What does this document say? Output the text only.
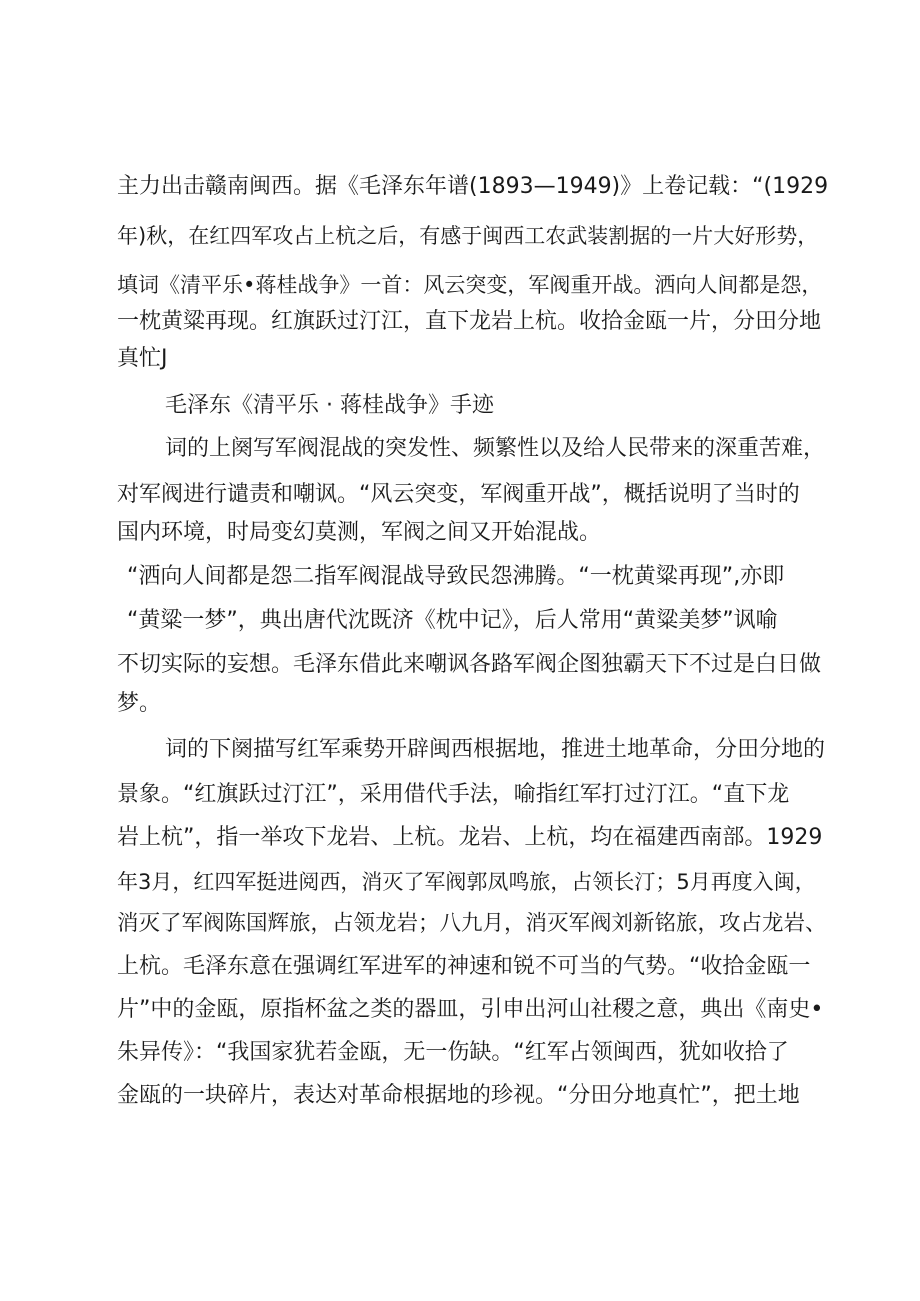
主力出击赣南闽西。据《毛泽东年谱(1893—1949)》上卷记载：“(1929
年)秋，在红四军攻占上杭之后，有感于闽西工农武装割据的一片大好形势，
填词《清平乐•蒋桂战争》一首：风云突变，军阀重开战。洒向人间都是怨，
一枕黄粱再现。红旗跃过汀江，直下龙岩上杭。收拾金瓯一片，分田分地
真忙J
毛泽东《清平乐 · 蒋桂战争》手迹
词的上阕写军阀混战的突发性、频繁性以及给人民带来的深重苦难，
对军阀进行谴责和嘲讽。“风云突变，军阀重开战”，概括说明了当时的
国内环境，时局变幻莫测，军阀之间又开始混战。
“洒向人间都是怨二指军阀混战导致民怨沸腾。“一枕黄粱再现”,亦即
“黄粱一梦”，典出唐代沈既济《枕中记》，后人常用“黄粱美梦”讽喻
不切实际的妄想。毛泽东借此来嘲讽各路军阀企图独霸天下不过是白日做
梦。
词的下阕描写红军乘势开辟闽西根据地，推进土地革命，分田分地的
景象。“红旗跃过汀江”，采用借代手法，喻指红军打过汀江。“直下龙
岩上杭”，指一举攻下龙岩、上杭。龙岩、上杭，均在福建西南部。1929
年3月，红四军挺进阅西，消灭了军阀郭凤鸣旅，占领长汀；5月再度入闽，
消灭了军阀陈国辉旅，占领龙岩；八九月，消灭军阀刘新铭旅，攻占龙岩、
上杭。毛泽东意在强调红军进军的神速和锐不可当的气势。“收拾金瓯一
片”中的金瓯，原指杯盆之类的器皿，引申出河山社稷之意，典出《南史•
朱异传》：“我国家犹若金瓯，无一伤缺。“红军占领闽西，犹如收拾了
金瓯的一块碎片，表达对革命根据地的珍视。“分田分地真忙”，把土地
